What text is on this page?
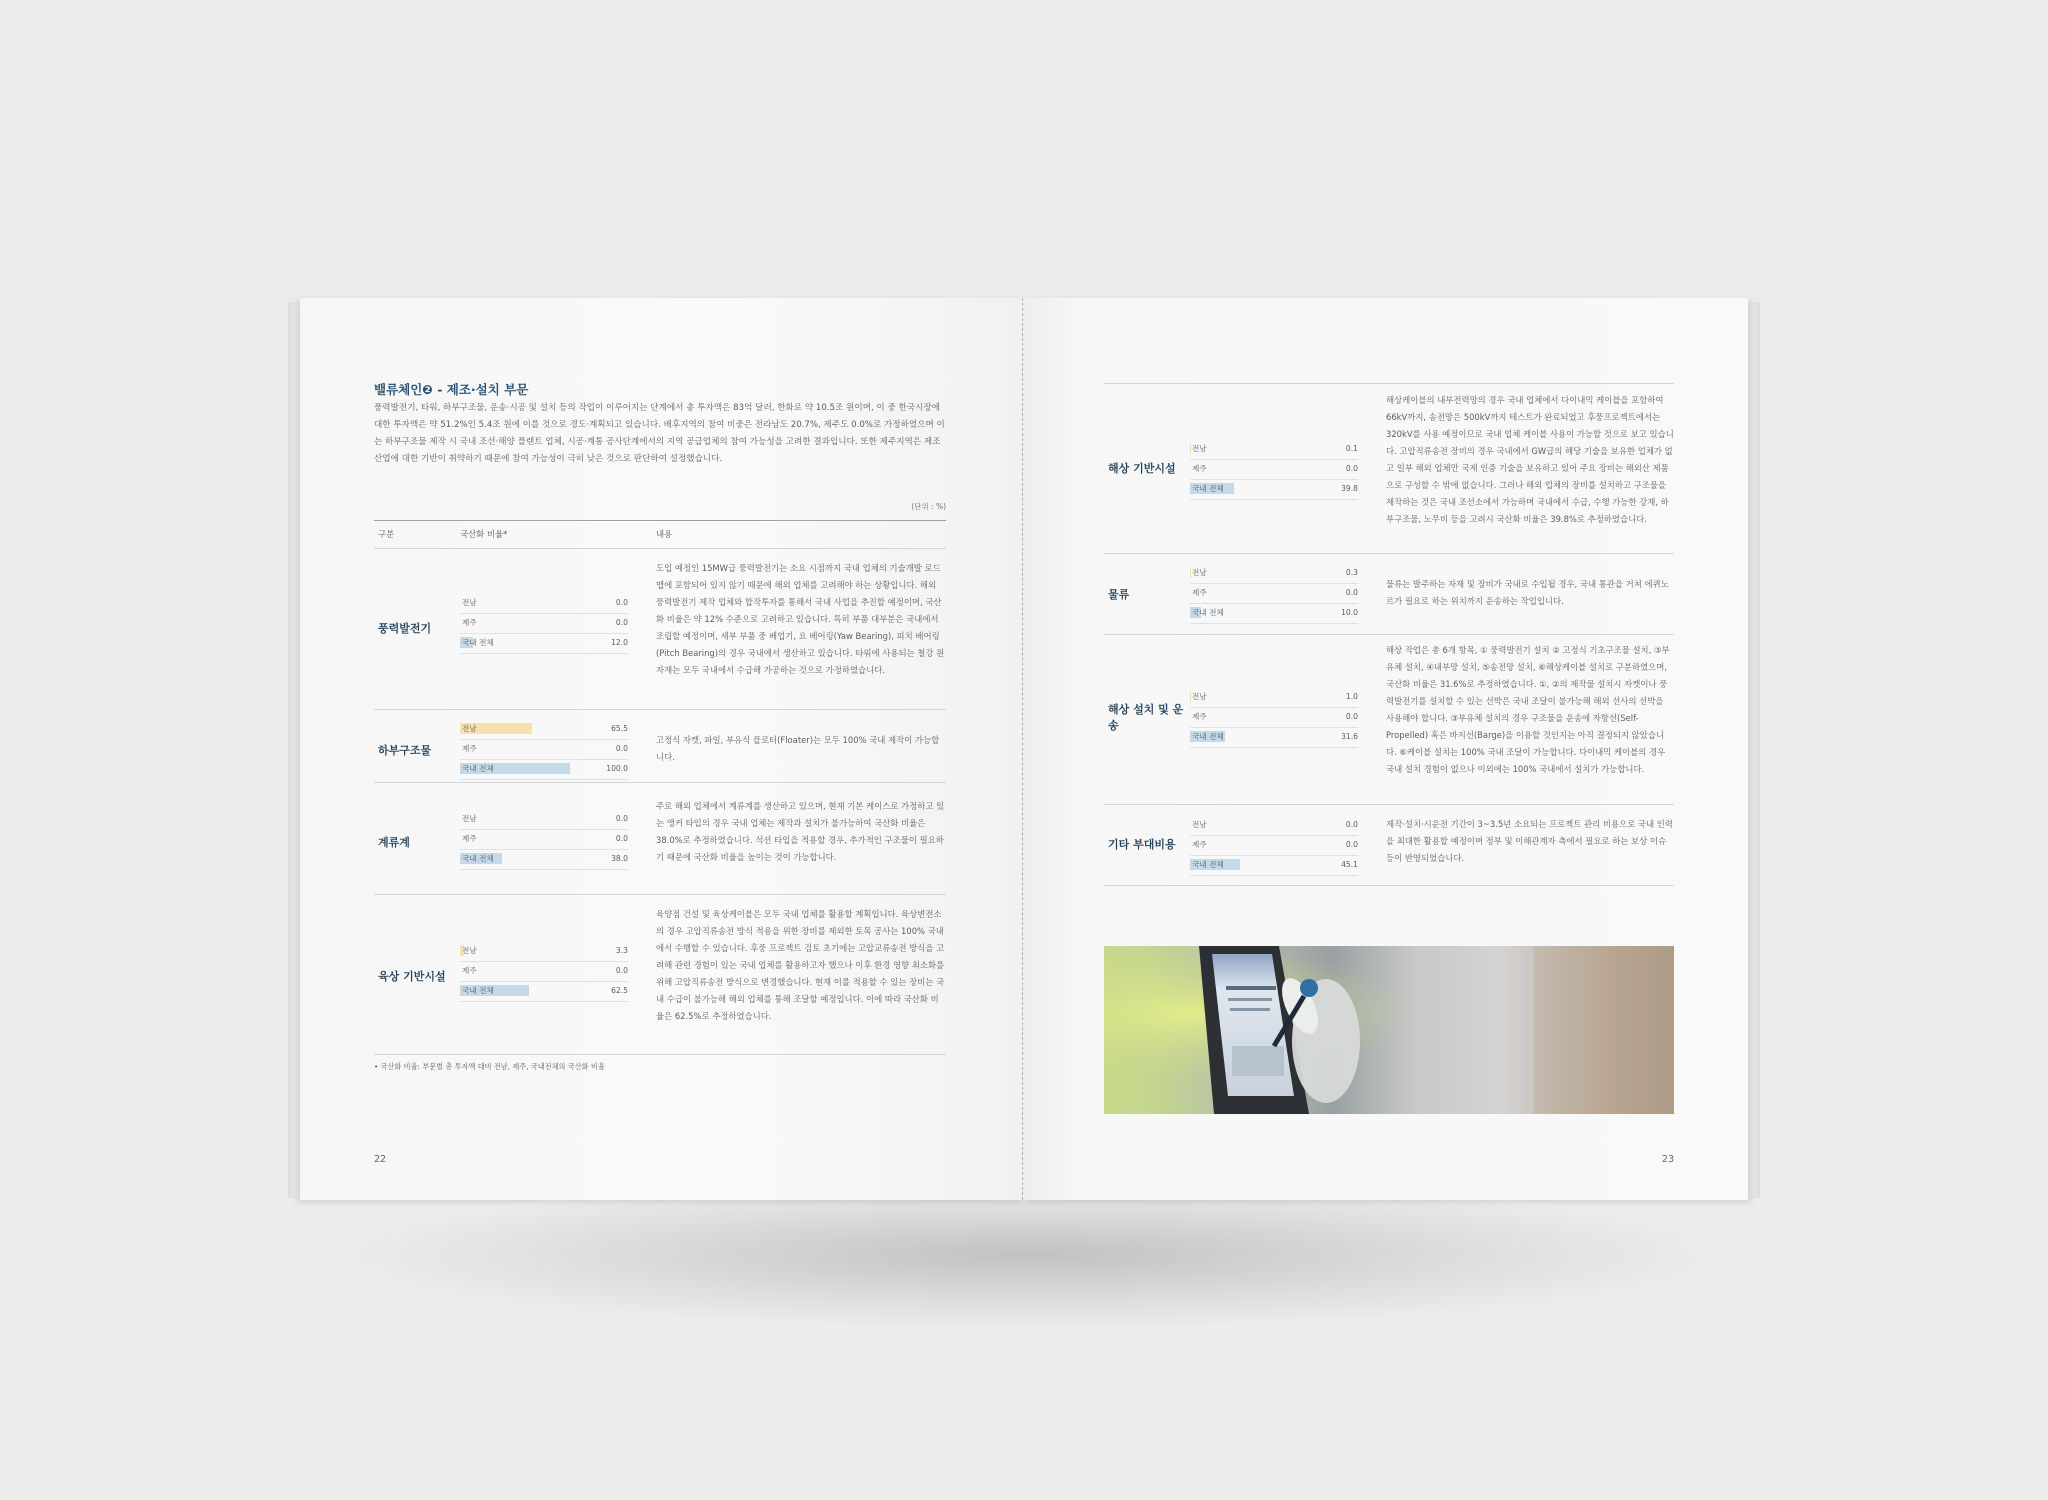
밸류체인❷ - 제조·설치 부문
풍력발전기, 타워, 하부구조물, 운송·시공 및 설치 등의 작업이 이루어지는 단계에서 총 투자액은 83억 달러, 한화로 약 10.5조 원이며, 이 중 한국시장에 대한 투자액은 약 51.2%인 5.4조 원에 이를 것으로 경도·계획되고 있습니다. 배후지역의 참여 비중은 전라남도 20.7%, 제주도 0.0%로 가정하였으며 이는 하부구조물 제작 시 국내 조선·해양 플랜트 업체, 시공·계통 공사단계에서의 지역 공급업체의 참여 가능성을 고려한 결과입니다. 또한 제주지역은 제조 산업에 대한 기반이 취약하기 때문에 참여 가능성이 극히 낮은 것으로 판단하여 설정했습니다.
(단위 : %)
구분	국산화 비율*	내용
풍력발전기
전남	0.0
제주	0.0
국내 전체	12.0
도입 예정인 15MW급 풍력발전기는 소요 시점까지 국내 업체의 기술개발 로드맵에 포함되어 있지 않기 때문에 해외 업체를 고려해야 하는 상황입니다. 해외 풍력발전기 제작 업체와 합작투자를 통해서 국내 사업을 추진할 예정이며, 국산화 비율은 약 12% 수준으로 고려하고 있습니다. 특히 부품 대부분은 국내에서 조립할 예정이며, 세부 부품 중 베업기, 요 베어링(Yaw Bearing), 피치 베어링(Pitch Bearing)의 경우 국내에서 생산하고 있습니다. 타워에 사용되는 철강 원자재는 모두 국내에서 수급해 가공하는 것으로 가정하였습니다.
하부구조물
전남	65.5
제주	0.0
국내 전체	100.0
고정식 자켓, 파일, 부유식 플로터(Floater)는 모두 100% 국내 제작이 가능합니다.
계류계
전남	0.0
제주	0.0
국내 전체	38.0
주로 해외 업체에서 계류계를 생산하고 있으며, 현재 기본 케이스로 가정하고 있는 앵커 타입의 경우 국내 업체는 제작과 설치가 불가능하여 국산화 비율은 38.0%로 추정하였습니다. 석션 타입을 적용할 경우, 추가적인 구조물이 필요하기 때문에 국산화 비율을 높이는 것이 가능합니다.
육상 기반시설
전남	3.3
제주	0.0
국내 전체	62.5
육양점 건설 및 육상케이블은 모두 국내 업체를 활용할 계획입니다. 육상변전소의 경우 고압직류송전 방식 적용을 위한 장비를 제외한 토목 공사는 100% 국내에서 수행할 수 있습니다. 후풍 프로젝트 검토 초기에는 고압교류송전 방식을 고려해 관련 경험이 있는 국내 업체를 활용하고자 했으나 이후 환경 영향 최소화를 위해 고압직류송전 방식으로 변경했습니다. 현재 이를 적용할 수 있는 장비는 국내 수급이 불가능해 해외 업체를 통해 조달할 예정입니다. 이에 따라 국산화 비율은 62.5%로 추정하였습니다.
• 국산화 비율: 부문별 총 투자액 대비 전남, 제주, 국내전체의 국산화 비율
22
해상 기반시설
전남	0.1
제주	0.0
국내 전체	39.8
해상케이블의 내부전력망의 경우 국내 업체에서 다이내믹 케이블을 포함하여 66kV까지, 송전망은 500kV까지 테스트가 완료되었고 후풍프로젝트에서는 320kV를 사용 예정이므로 국내 업체 케이블 사용이 가능할 것으로 보고 있습니다. 고압직류송전 장비의 경우 국내에서 GW급의 해당 기술을 보유한 업체가 없고 일부 해외 업체만 국제 인증 기술을 보유하고 있어 주요 장비는 해외산 제품으로 구성할 수 밖에 없습니다. 그러나 해외 업체의 장비를 설치하고 구조물을 제작하는 것은 국내 조선소에서 가능하며 국내에서 수급, 수행 가능한 강재, 하부구조물, 노무비 등을 고려시 국산화 비율은 39.8%로 추정하였습니다.
물류
전남	0.3
제주	0.0
국내 전체	10.0
물류는 발주하는 자재 및 장비가 국내로 수입될 경우, 국내 통관을 거쳐 에퀴노르가 필요로 하는 위치까지 운송하는 작업입니다.
해상 설치 및 운송
전남	1.0
제주	0.0
국내 전체	31.6
해상 작업은 총 6개 항목, ① 풍력발전기 설치 ② 고정식 기초구조물 설치, ③부유체 설치, ④내부망 설치, ⑤송전망 설치, ⑥해상케이블 설치로 구분하였으며, 국산화 비율은 31.6%로 추정하였습니다. ①, ②의 제작물 설치시 자켓이나 풍력발전기를 설치할 수 있는 선박은 국내 조달이 불가능해 해외 선사의 선박을 사용해야 합니다. ③부유체 설치의 경우 구조물을 운송에 자항선(Self-Propelled) 혹은 바지선(Barge)을 이용할 것인지는 아직 결정되지 않았습니다. ⑥케이블 설치는 100% 국내 조달이 가능합니다. 다이내믹 케이블의 경우 국내 설치 경험이 없으나 이외에는 100% 국내에서 설치가 가능합니다.
기타 부대비용
전남	0.0
제주	0.0
국내 전체	45.1
제작·설치·시운전 기간이 3~3.5년 소요되는 프로젝트 관리 비용으로 국내 인력을 최대한 활용할 예정이며 정부 및 이해관계자 측에서 필요로 하는 보상 이슈 등이 반영되었습니다.
23
